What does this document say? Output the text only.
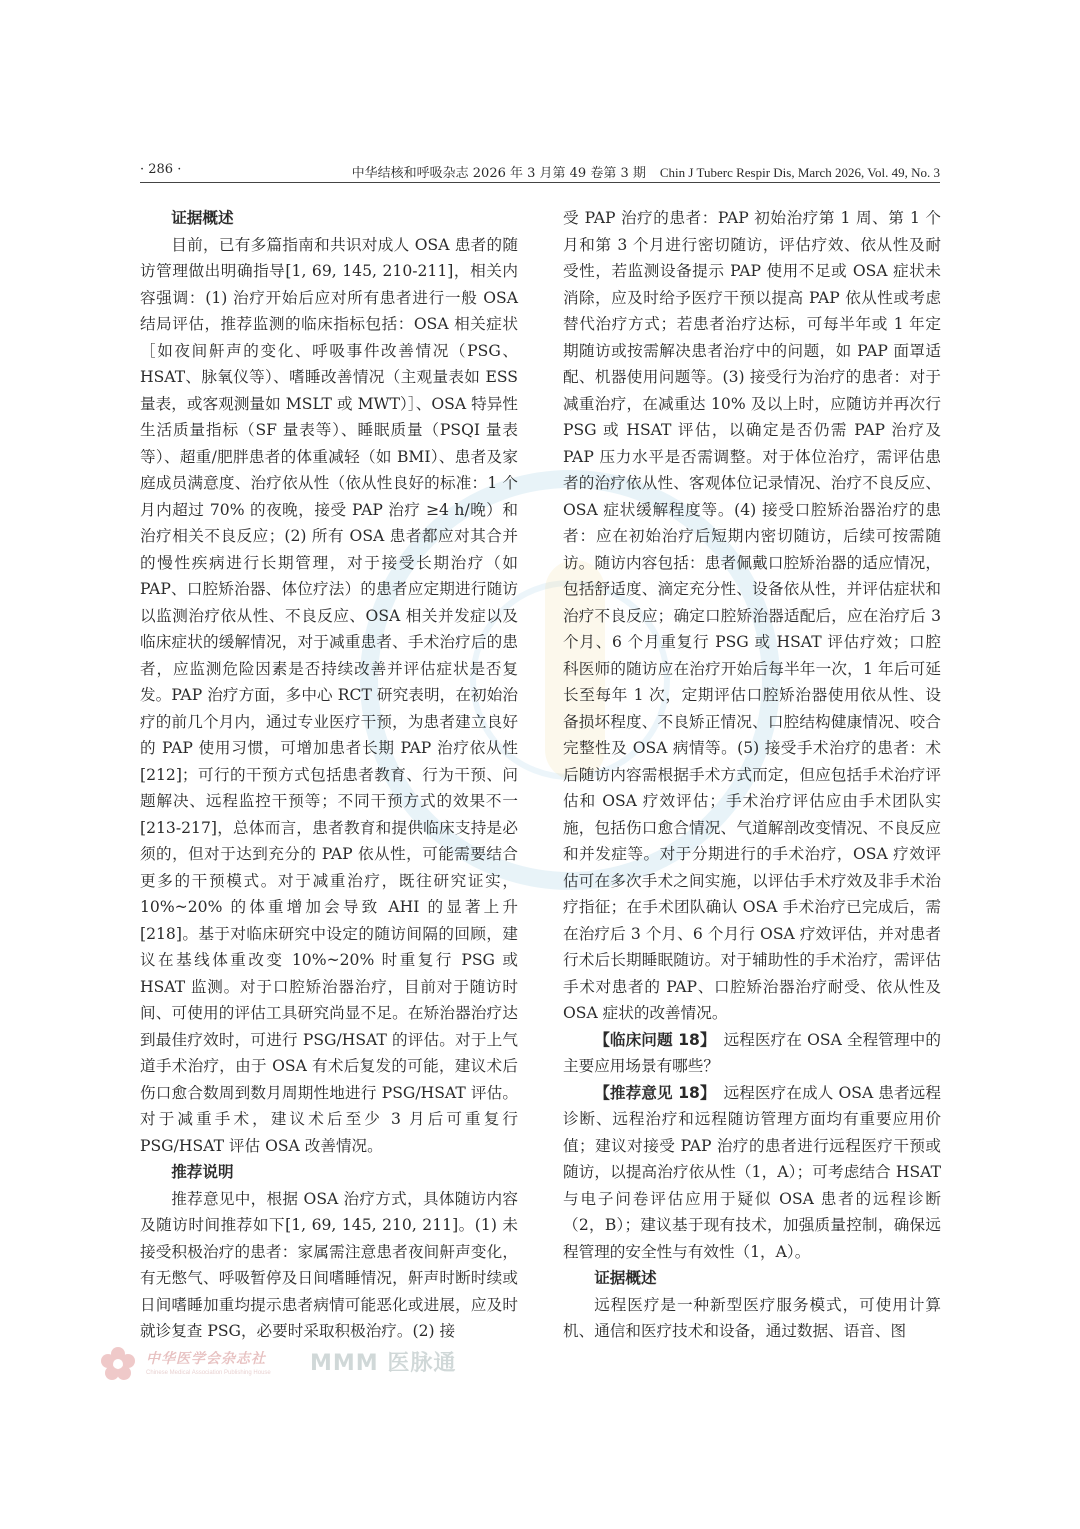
· 286 ·	中华结核和呼吸杂志 2026 年 3 月第 49 卷第 3 期 Chin J Tuberc Respir Dis, March 2026, Vol. 49, No. 3
证据概述

目前，已有多篇指南和共识对成人 OSA 患者的随访管理做出明确指导[1, 69, 145, 210-211]，相关内容强调：(1) 治疗开始后应对所有患者进行一般 OSA 结局评估，推荐监测的临床指标包括：OSA 相关症状［如夜间鼾声的变化、呼吸事件改善情况（PSG、HSAT、脉氧仪等）、嗜睡改善情况（主观量表如 ESS 量表，或客观测量如 MSLT 或 MWT）］、OSA 特异性生活质量指标（SF 量表等）、睡眠质量（PSQI 量表等）、超重/肥胖患者的体重减轻（如 BMI）、患者及家庭成员满意度、治疗依从性（依从性良好的标准：1 个月内超过 70% 的夜晚，接受 PAP 治疗 ≥4 h/晚）和治疗相关不良反应；(2) 所有 OSA 患者都应对其合并的慢性疾病进行长期管理，对于接受长期治疗（如 PAP、口腔矫治器、体位疗法）的患者应定期进行随访以监测治疗依从性、不良反应、OSA 相关并发症以及临床症状的缓解情况，对于减重患者、手术治疗后的患者，应监测危险因素是否持续改善并评估症状是否复发。PAP 治疗方面，多中心 RCT 研究表明，在初始治疗的前几个月内，通过专业医疗干预，为患者建立良好的 PAP 使用习惯，可增加患者长期 PAP 治疗依从性[212]；可行的干预方式包括患者教育、行为干预、问题解决、远程监控干预等；不同干预方式的效果不一[213-217]，总体而言，患者教育和提供临床支持是必须的，但对于达到充分的 PAP 依从性，可能需要结合更多的干预模式。对于减重治疗，既往研究证实，10%~20% 的体重增加会导致 AHI 的显著上升[218]。基于对临床研究中设定的随访间隔的回顾，建议在基线体重改变 10%~20% 时重复行 PSG 或 HSAT 监测。对于口腔矫治器治疗，目前对于随访时间、可使用的评估工具研究尚显不足。在矫治器治疗达到最佳疗效时，可进行 PSG/HSAT 的评估。对于上气道手术治疗，由于 OSA 有术后复发的可能，建议术后伤口愈合数周到数月周期性地进行 PSG/HSAT 评估。对于减重手术，建议术后至少 3 月后可重复行 PSG/HSAT 评估 OSA 改善情况。

推荐说明

推荐意见中，根据 OSA 治疗方式，具体随访内容及随访时间推荐如下[1, 69, 145, 210, 211]。(1) 未接受积极治疗的患者：家属需注意患者夜间鼾声变化，有无憋气、呼吸暂停及日间嗜睡情况，鼾声时断时续或日间嗜睡加重均提示患者病情可能恶化或进展，应及时就诊复查 PSG，必要时采取积极治疗。(2) 接

受 PAP 治疗的患者：PAP 初始治疗第 1 周、第 1 个月和第 3 个月进行密切随访，评估疗效、依从性及耐受性，若监测设备提示 PAP 使用不足或 OSA 症状未消除，应及时给予医疗干预以提高 PAP 依从性或考虑替代治疗方式；若患者治疗达标，可每半年或 1 年定期随访或按需解决患者治疗中的问题，如 PAP 面罩适配、机器使用问题等。(3) 接受行为治疗的患者：对于减重治疗，在减重达 10% 及以上时，应随访并再次行 PSG 或 HSAT 评估，以确定是否仍需 PAP 治疗及 PAP 压力水平是否需调整。对于体位治疗，需评估患者的治疗依从性、客观体位记录情况、治疗不良反应、OSA 症状缓解程度等。(4) 接受口腔矫治器治疗的患者：应在初始治疗后短期内密切随访，后续可按需随访。随访内容包括：患者佩戴口腔矫治器的适应情况，包括舒适度、滴定充分性、设备依从性，并评估症状和治疗不良反应；确定口腔矫治器适配后，应在治疗后 3 个月、6 个月重复行 PSG 或 HSAT 评估疗效；口腔科医师的随访应在治疗开始后每半年一次，1 年后可延长至每年 1 次，定期评估口腔矫治器使用依从性、设备损坏程度、不良矫正情况、口腔结构健康情况、咬合完整性及 OSA 病情等。(5) 接受手术治疗的患者：术后随访内容需根据手术方式而定，但应包括手术治疗评估和 OSA 疗效评估；手术治疗评估应由手术团队实施，包括伤口愈合情况、气道解剖改变情况、不良反应和并发症等。对于分期进行的手术治疗，OSA 疗效评估可在多次手术之间实施，以评估手术疗效及非手术治疗指征；在手术团队确认 OSA 手术治疗已完成后，需在治疗后 3 个月、6 个月行 OSA 疗效评估，并对患者行术后长期睡眠随访。对于辅助性的手术治疗，需评估手术对患者的 PAP、口腔矫治器治疗耐受、依从性及 OSA 症状的改善情况。

【临床问题 18】　 远程医疗在 OSA 全程管理中的主要应用场景有哪些？

【推荐意见 18】　 远程医疗在成人 OSA 患者远程诊断、远程治疗和远程随访管理方面均有重要应用价值；建议对接受 PAP 治疗的患者进行远程医疗干预或随访，以提高治疗依从性（1，A）；可考虑结合 HSAT 与电子问卷评估应用于疑似 OSA 患者的远程诊断（2，B）；建议基于现有技术，加强质量控制，确保远程管理的安全性与有效性（1，A）。

证据概述

远程医疗是一种新型医疗服务模式，可使用计算机、通信和医疗技术和设备，通过数据、语音、图

中华医学会杂志社
Chinese Medical Association Publishing House MMM 医脉通
